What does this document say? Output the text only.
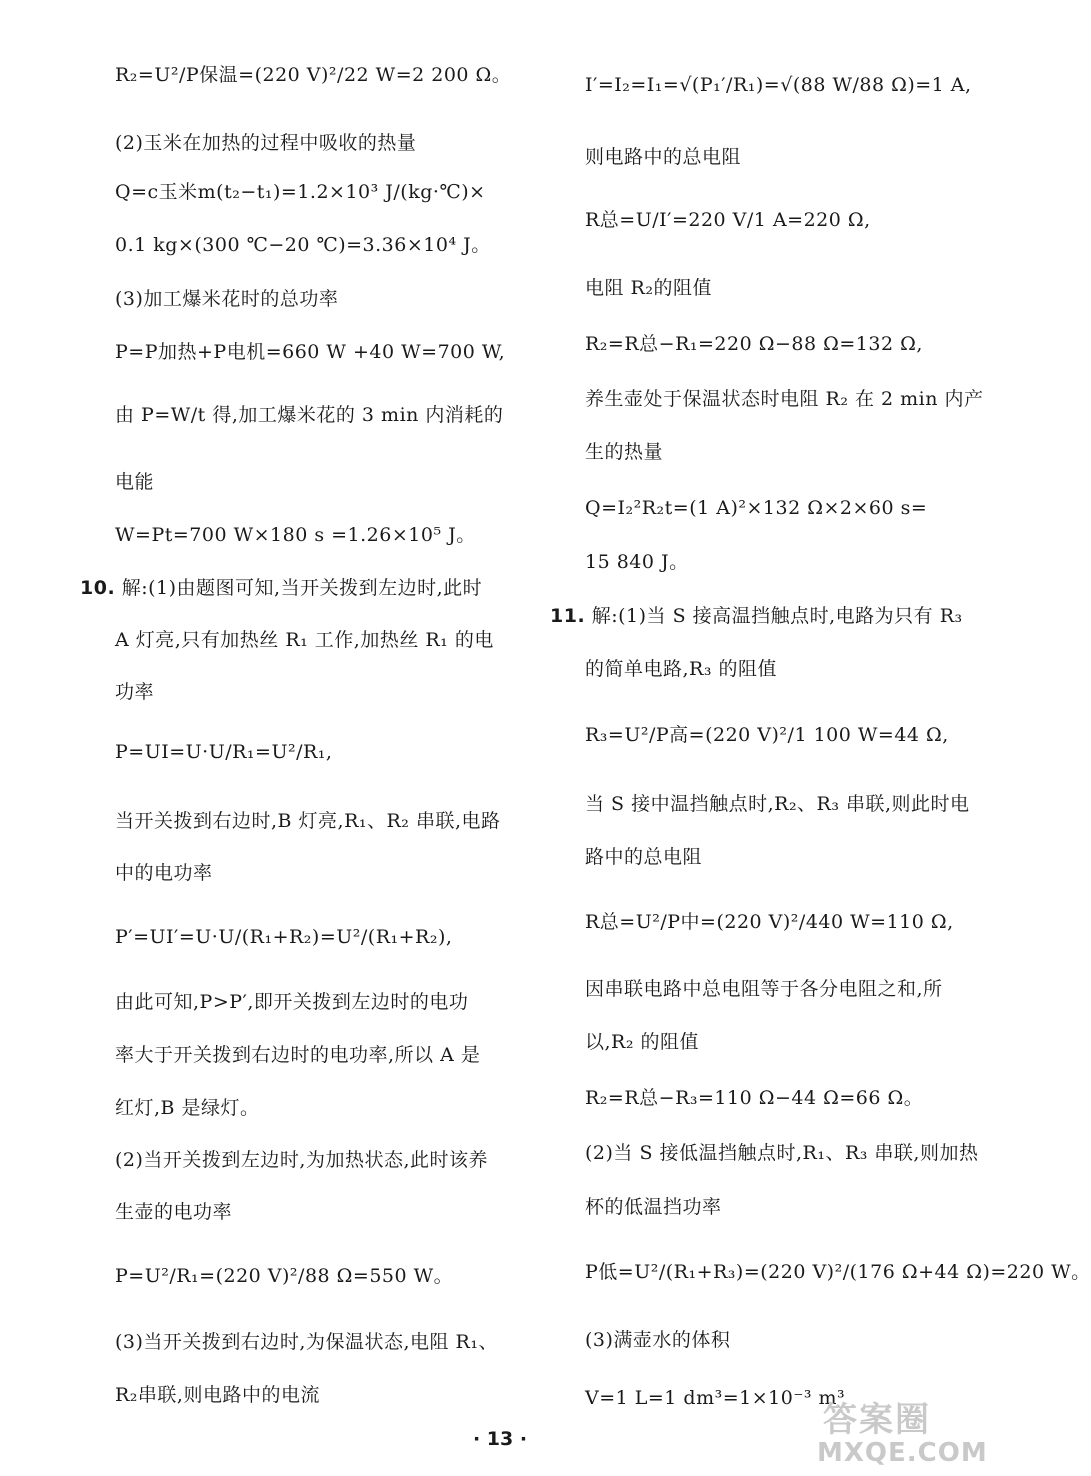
R₂=U²/P保温=(220 V)²/22 W=2 200 Ω。
(2)玉米在加热的过程中吸收的热量
Q=c玉米m(t₂−t₁)=1.2×10³ J/(kg·℃)×
0.1 kg×(300 ℃−20 ℃)=3.36×10⁴ J。
(3)加工爆米花时的总功率
P=P加热+P电机=660 W +40 W=700 W,
由 P=W/t 得,加工爆米花的 3 min 内消耗的
电能
W=Pt=700 W×180 s =1.26×10⁵ J。
10. 解:(1)由题图可知,当开关拨到左边时,此时
A 灯亮,只有加热丝 R₁ 工作,加热丝 R₁ 的电
功率
P=UI=U·U/R₁=U²/R₁,
当开关拨到右边时,B 灯亮,R₁、R₂ 串联,电路
中的电功率
P′=UI′=U·U/(R₁+R₂)=U²/(R₁+R₂),
由此可知,P>P′,即开关拨到左边时的电功
率大于开关拨到右边时的电功率,所以 A 是
红灯,B 是绿灯。
(2)当开关拨到左边时,为加热状态,此时该养
生壶的电功率
P=U²/R₁=(220 V)²/88 Ω=550 W。
(3)当开关拨到右边时,为保温状态,电阻 R₁、
R₂串联,则电路中的电流
I′=I₂=I₁=√(P₁′/R₁)=√(88 W/88 Ω)=1 A,
则电路中的总电阻
R总=U/I′=220 V/1 A=220 Ω,
电阻 R₂的阻值
R₂=R总−R₁=220 Ω−88 Ω=132 Ω,
养生壶处于保温状态时电阻 R₂ 在 2 min 内产
生的热量
Q=I₂²R₂t=(1 A)²×132 Ω×2×60 s=
15 840 J。
11. 解:(1)当 S 接高温挡触点时,电路为只有 R₃
的简单电路,R₃ 的阻值
R₃=U²/P高=(220 V)²/1 100 W=44 Ω,
当 S 接中温挡触点时,R₂、R₃ 串联,则此时电
路中的总电阻
R总=U²/P中=(220 V)²/440 W=110 Ω,
因串联电路中总电阻等于各分电阻之和,所
以,R₂ 的阻值
R₂=R总−R₃=110 Ω−44 Ω=66 Ω。
(2)当 S 接低温挡触点时,R₁、R₃ 串联,则加热
杯的低温挡功率
P低=U²/(R₁+R₃)=(220 V)²/(176 Ω+44 Ω)=220 W。
(3)满壶水的体积
V=1 L=1 dm³=1×10⁻³ m³
答案圈
MXQE.COM
· 13 ·
